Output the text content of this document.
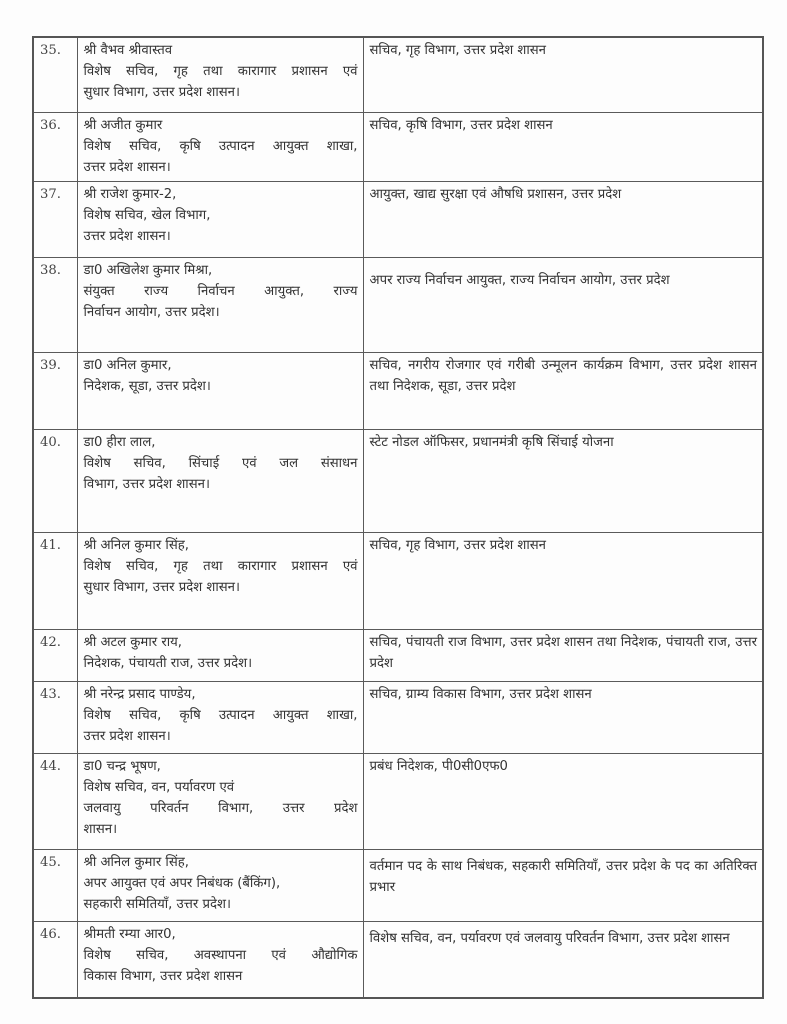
35.	श्री वैभव श्रीवास्तव
विशेष सचिव, गृह तथा कारागार प्रशासन एवं
सुधार विभाग, उत्तर प्रदेश शासन।	सचिव, गृह विभाग, उत्तर प्रदेश शासन
36.	श्री अजीत कुमार
विशेष सचिव, कृषि उत्पादन आयुक्त शाखा,
उत्तर प्रदेश शासन।	सचिव, कृषि विभाग, उत्तर प्रदेश शासन
37.	श्री राजेश कुमार-2,
विशेष सचिव, खेल विभाग,
उत्तर प्रदेश शासन।	आयुक्त, खाद्य सुरक्षा एवं औषधि प्रशासन, उत्तर प्रदेश
38.	डा0 अखिलेश कुमार मिश्रा,
संयुक्त राज्य निर्वाचन आयुक्त, राज्य
निर्वाचन आयोग, उत्तर प्रदेश।	अपर राज्य निर्वाचन आयुक्त, राज्य निर्वाचन आयोग, उत्तर प्रदेश
39.	डा0 अनिल कुमार,
निदेशक, सूडा, उत्तर प्रदेश।	सचिव, नगरीय रोजगार एवं गरीबी उन्मूलन कार्यक्रम विभाग, उत्तर प्रदेश शासन तथा निदेशक, सूडा, उत्तर प्रदेश
40.	डा0 हीरा लाल,
विशेष सचिव, सिंचाई एवं जल संसाधन
विभाग, उत्तर प्रदेश शासन।	स्टेट नोडल ऑफिसर, प्रधानमंत्री कृषि सिंचाई योजना
41.	श्री अनिल कुमार सिंह,
विशेष सचिव, गृह तथा कारागार प्रशासन एवं
सुधार विभाग, उत्तर प्रदेश शासन।	सचिव, गृह विभाग, उत्तर प्रदेश शासन
42.	श्री अटल कुमार राय,
निदेशक, पंचायती राज, उत्तर प्रदेश।	सचिव, पंचायती राज विभाग, उत्तर प्रदेश शासन तथा निदेशक, पंचायती राज, उत्तर प्रदेश
43.	श्री नरेन्द्र प्रसाद पाण्डेय,
विशेष सचिव, कृषि उत्पादन आयुक्त शाखा,
उत्तर प्रदेश शासन।	सचिव, ग्राम्य विकास विभाग, उत्तर प्रदेश शासन
44.	डा0 चन्द्र भूषण,
विशेष सचिव, वन, पर्यावरण एवं
जलवायु परिवर्तन विभाग, उत्तर प्रदेश
शासन।	प्रबंध निदेशक, पी0सी0एफ0
45.	श्री अनिल कुमार सिंह,
अपर आयुक्त एवं अपर निबंधक (बैंकिंग),
सहकारी समितियाँ, उत्तर प्रदेश।	वर्तमान पद के साथ निबंधक, सहकारी समितियाँ, उत्तर प्रदेश के पद का अतिरिक्त प्रभार
46.	श्रीमती रम्या आर0,
विशेष सचिव, अवस्थापना एवं औद्योगिक
विकास विभाग, उत्तर प्रदेश शासन	विशेष सचिव, वन, पर्यावरण एवं जलवायु परिवर्तन विभाग, उत्तर प्रदेश शासन
